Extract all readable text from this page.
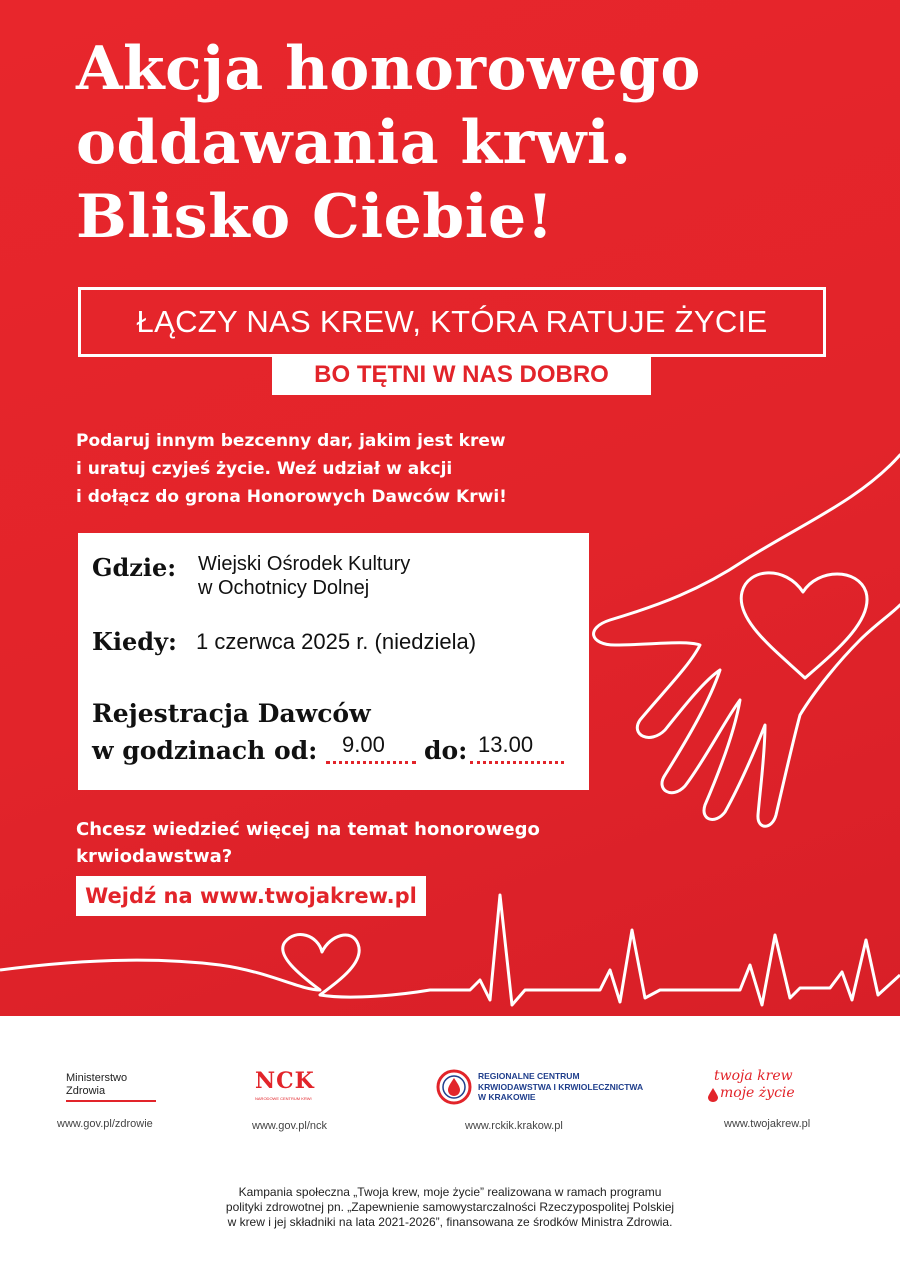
Akcja honorowego
oddawania krwi.
Blisko Ciebie!
ŁĄCZY NAS KREW, KTÓRA RATUJE ŻYCIE
BO TĘTNI W NAS DOBRO
Podaruj innym bezcenny dar, jakim jest krew
i uratuj czyjeś życie. Weź udział w akcji
i dołącz do grona Honorowych Dawców Krwi!
Gdzie: Wiejski Ośrodek Kultury
w Ochotnicy Dolnej
Kiedy: 1 czerwca 2025 r. (niedziela)
Rejestracja Dawców
w godzinach od: 9.00 do: 13.00
Chcesz wiedzieć więcej na temat honorowego
krwiodawstwa?
Wejdź na www.twojakrew.pl
Ministerstwo
Zdrowia
www.gov.pl/zdrowie
NCK
NARODOWE CENTRUM KRWI
www.gov.pl/nck
REGIONALNE CENTRUM
KRWIODAWSTWA I KRWIOLECZNICTWA
W KRAKOWIE
www.rckik.krakow.pl
twoja krew
moje życie
www.twojakrew.pl
Kampania społeczna „Twoja krew, moje życie” realizowana w ramach programu
polityki zdrowotnej pn. „Zapewnienie samowystarczalności Rzeczypospolitej Polskiej
w krew i jej składniki na lata 2021-2026”, finansowana ze środków Ministra Zdrowia.
